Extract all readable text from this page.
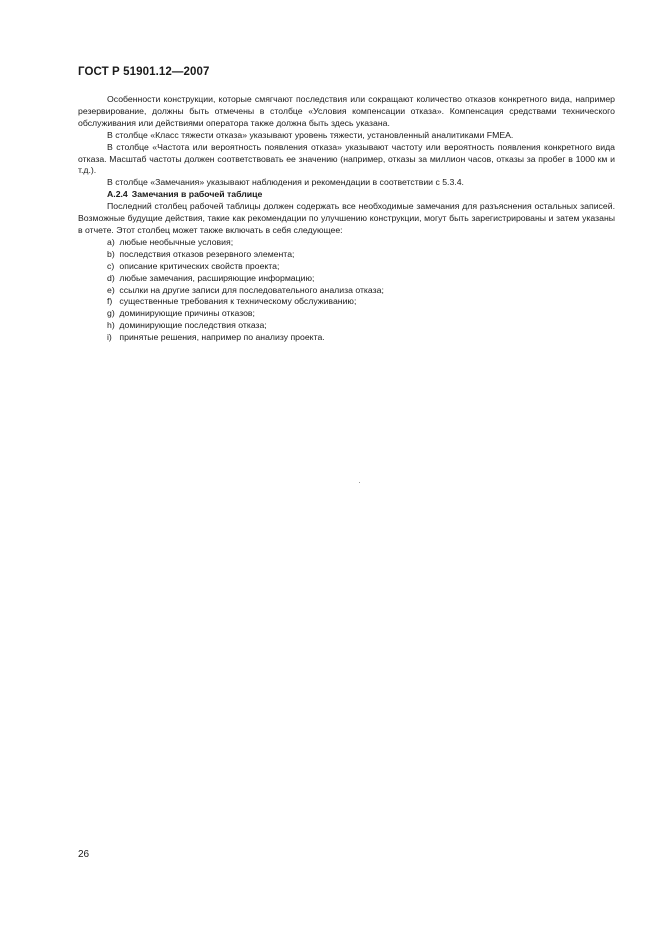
ГОСТ Р 51901.12—2007

Особенности конструкции, которые смягчают последствия или сокращают количество отказов конкретного вида, например резервирование, должны быть отмечены в столбце «Условия компенсации отказа». Компенсация средствами технического обслуживания или действиями оператора также должна быть здесь указана.

В столбце «Класс тяжести отказа» указывают уровень тяжести, установленный аналитиками FMEA.

В столбце «Частота или вероятность появления отказа» указывают частоту или вероятность появления конкретного вида отказа. Масштаб частоты должен соответствовать ее значению (например, отказы за миллион часов, отказы за пробег в 1000 км и т.д.).

В столбце «Замечания» указывают наблюдения и рекомендации в соответствии с 5.3.4.

А.2.4 Замечания в рабочей таблице

Последний столбец рабочей таблицы должен содержать все необходимые замечания для разъяснения остальных записей. Возможные будущие действия, такие как рекомендации по улучшению конструкции, могут быть зарегистрированы и затем указаны в отчете. Этот столбец может также включать в себя следующее:

a) любые необычные условия;
b) последствия отказов резервного элемента;
c) описание критических свойств проекта;
d) любые замечания, расширяющие информацию;
e) ссылки на другие записи для последовательного анализа отказа;
f) существенные требования к техническому обслуживанию;
g) доминирующие причины отказов;
h) доминирующие последствия отказа;
i) принятые решения, например по анализу проекта.
26
